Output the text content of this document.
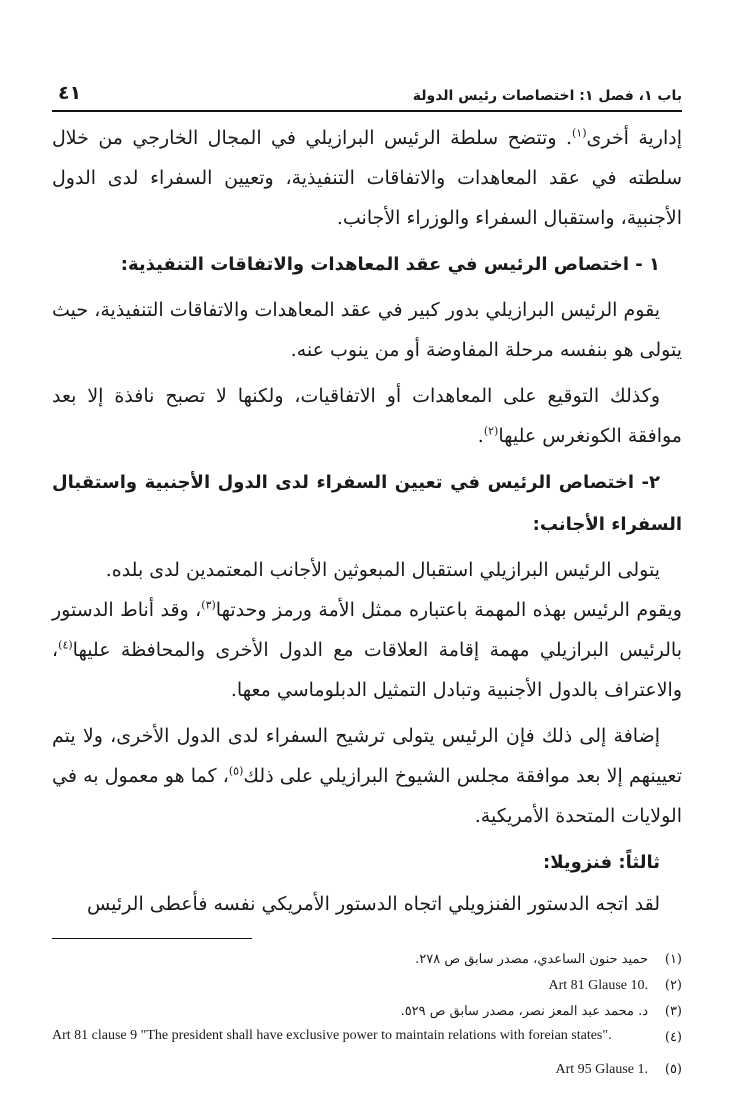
باب ١، فصل ١: اختصاصات رئيس الدولة
٤١

إدارية أخرى$^{(١)}$. وتتضح سلطة الرئيس البرازيلي في المجال الخارجي من خلال سلطته في عقد المعاهدات والاتفاقات التنفيذية، وتعيين السفراء لدى الدول الأجنبية، واستقبال السفراء والوزراء الأجانب.

١ - اختصاص الرئيس في عقد المعاهدات والاتفاقات التنفيذية:

يقوم الرئيس البرازيلي بدور كبير في عقد المعاهدات والاتفاقات التنفيذية، حيث يتولى هو بنفسه مرحلة المفاوضة أو من ينوب عنه.

وكذلك التوقيع على المعاهدات أو الاتفاقيات، ولكنها لا تصبح نافذة إلا بعد موافقة الكونغرس عليها$^{(٢)}$.

٢- اختصاص الرئيس في تعيين السفراء لدى الدول الأجنبية واستقبال السفراء الأجانب:

يتولى الرئيس البرازيلي استقبال المبعوثين الأجانب المعتمدين لدى بلده.

ويقوم الرئيس بهذه المهمة باعتباره ممثل الأمة ورمز وحدتها$^{(٣)}$، وقد أناط الدستور بالرئيس البرازيلي مهمة إقامة العلاقات مع الدول الأخرى والمحافظة عليها$^{(٤)}$، والاعتراف بالدول الأجنبية وتبادل التمثيل الدبلوماسي معها.

إضافة إلى ذلك فإن الرئيس يتولى ترشيح السفراء لدى الدول الأخرى، ولا يتم تعيينهم إلا بعد موافقة مجلس الشيوخ البرازيلي على ذلك$^{(٥)}$، كما هو معمول به في الولايات المتحدة الأمريكية.

ثالثاً: فنزويلا:

لقد اتجه الدستور الفنزويلي اتجاه الدستور الأمريكي نفسه فأعطى الرئيس

(١)
حميد حنون الساعدي، مصدر سابق ص ٢٧٨.
(٢)
Art 81 Glause 10.
(٣)
د. محمد عبد المعز نصر، مصدر سابق ص ٥٢٩.
(٤)
Art 81 clause 9 "The president shall have exclusive power to maintain relations with foreian states".
(٥)
Art 95 Glause 1.
